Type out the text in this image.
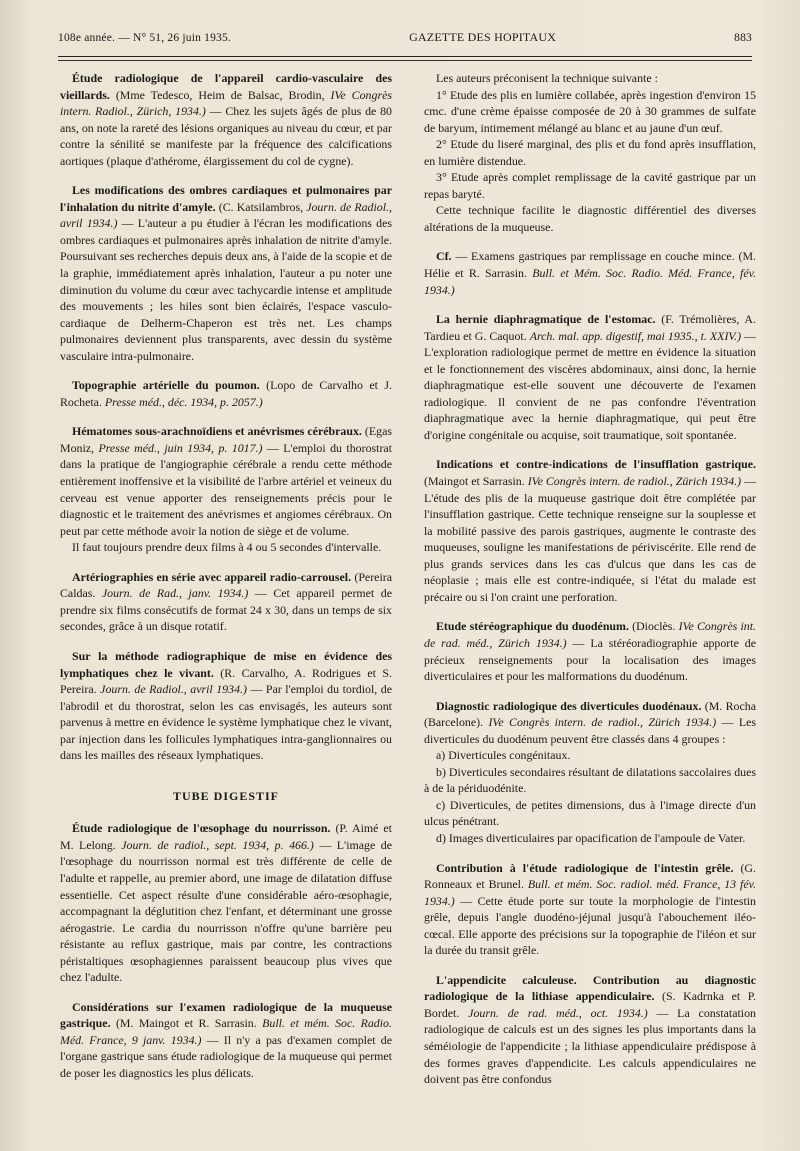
108e année. — N° 51, 26 juin 1935.	GAZETTE DES HOPITAUX	883

Étude radiologique de l'appareil cardio-vasculaire des vieillards. (Mme Tedesco, Heim de Balsac, Brodin, IVe Congrès intern. Radiol., Zürich, 1934.) — Chez les sujets âgés de plus de 80 ans, on note la rareté des lésions organiques au niveau du cœur, et par contre la sénilité se manifeste par la fréquence des calcifications aortiques (plaque d'athérome, élargissement du col de cygne).

Les modifications des ombres cardiaques et pulmonaires par l'inhalation du nitrite d'amyle. (C. Katsilambros, Journ. de Radiol., avril 1934.) — L'auteur a pu étudier à l'écran les modifications des ombres cardiaques et pulmonaires après inhalation de nitrite d'amyle. Poursuivant ses recherches depuis deux ans, à l'aide de la scopie et de la graphie, immédiatement après inhalation, l'auteur a pu noter une diminution du volume du cœur avec tachycardie intense et amplitude des mouvements ; les hiles sont bien éclairés, l'espace vasculo-cardiaque de Delherm-Chaperon est très net. Les champs pulmonaires deviennent plus transparents, avec dessin du système vasculaire intra-pulmonaire.

Topographie artérielle du poumon. (Lopo de Carvalho et J. Rocheta. Presse méd., déc. 1934, p. 2057.)

Hématomes sous-arachnoïdiens et anévrismes cérébraux. (Egas Moniz, Presse méd., juin 1934, p. 1017.) — L'emploi du thorostrat dans la pratique de l'angiographie cérébrale a rendu cette méthode entièrement inoffensive et la visibilité de l'arbre artériel et veineux du cerveau est venue apporter des renseignements précis pour le diagnostic et le traitement des anévrismes et angiomes cérébraux. On peut par cette méthode avoir la notion de siège et de volume.

Il faut toujours prendre deux films à 4 ou 5 secondes d'intervalle.

Artériographies en série avec appareil radio-carrousel. (Pereira Caldas. Journ. de Rad., janv. 1934.) — Cet appareil permet de prendre six films consécutifs de format 24 x 30, dans un temps de six secondes, grâce à un disque rotatif.

Sur la méthode radiographique de mise en évidence des lymphatiques chez le vivant. (R. Carvalho, A. Rodrigues et S. Pereira. Journ. de Radiol., avril 1934.) — Par l'emploi du tordiol, de l'abrodil et du thorostrat, selon les cas envisagés, les auteurs sont parvenus à mettre en évidence le système lymphatique chez le vivant, par injection dans les follicules lymphatiques intra-ganglionnaires ou dans les mailles des réseaux lymphatiques.

TUBE DIGESTIF

Étude radiologique de l'œsophage du nourrisson. (P. Aimé et M. Lelong. Journ. de radiol., sept. 1934, p. 466.) — L'image de l'œsophage du nourrisson normal est très différente de celle de l'adulte et rappelle, au premier abord, une image de dilatation diffuse essentielle. Cet aspect résulte d'une considérable aéro-œsophagie, accompagnant la déglutition chez l'enfant, et déterminant une grosse aérogastrie. Le cardia du nourrisson n'offre qu'une barrière peu résistante au reflux gastrique, mais par contre, les contractions péristaltiques œsophagiennes paraissent beaucoup plus vives que chez l'adulte.

Considérations sur l'examen radiologique de la muqueuse gastrique. (M. Maingot et R. Sarrasin. Bull. et mém. Soc. Radio. Méd. France, 9 janv. 1934.) — Il n'y a pas d'examen complet de l'organe gastrique sans étude radiologique de la muqueuse qui permet de poser les diagnostics les plus délicats.

Les auteurs préconisent la technique suivante :

1° Etude des plis en lumière collabée, après ingestion d'environ 15 cmc. d'une crème épaisse composée de 20 à 30 grammes de sulfate de baryum, intimement mélangé au blanc et au jaune d'un œuf.

2° Etude du liseré marginal, des plis et du fond après insufflation, en lumière distendue.

3° Etude après complet remplissage de la cavité gastrique par un repas baryté.

Cette technique facilite le diagnostic différentiel des diverses altérations de la muqueuse.

Cf. — Examens gastriques par remplissage en couche mince. (M. Hélie et R. Sarrasin. Bull. et Mém. Soc. Radio. Méd. France, fév. 1934.)

La hernie diaphragmatique de l'estomac. (F. Trémolières, A. Tardieu et G. Caquot. Arch. mal. app. digestif, mai 1935., t. XXIV.) — L'exploration radiologique permet de mettre en évidence la situation et le fonctionnement des viscères abdominaux, ainsi donc, la hernie diaphragmatique est-elle souvent une découverte de l'examen radiologique. Il convient de ne pas confondre l'éventration diaphragmatique avec la hernie diaphragmatique, qui peut être d'origine congénitale ou acquise, soit traumatique, soit spontanée.

Indications et contre-indications de l'insufflation gastrique. (Maingot et Sarrasin. IVe Congrès intern. de radiol., Zürich 1934.) — L'étude des plis de la muqueuse gastrique doit être complétée par l'insufflation gastrique. Cette technique renseigne sur la souplesse et la mobilité passive des parois gastriques, augmente le contraste des muqueuses, souligne les manifestations de périviscérite. Elle rend de plus grands services dans les cas d'ulcus que dans les cas de néoplasie ; mais elle est contre-indiquée, si l'état du malade est précaire ou si l'on craint une perforation.

Etude stéréographique du duodénum. (Dioclès. IVe Congrès int. de rad. méd., Zürich 1934.) — La stéréoradiographie apporte de précieux renseignements pour la localisation des images diverticulaires et pour les malformations du duodénum.

Diagnostic radiologique des diverticules duodénaux. (M. Rocha (Barcelone). IVe Congrès intern. de radiol., Zürich 1934.) — Les diverticules du duodénum peuvent être classés dans 4 groupes :

a) Diverticules congénitaux.
b) Diverticules secondaires résultant de dilatations saccolaires dues à de la périduodénite.
c) Diverticules, de petites dimensions, dus à l'image directe d'un ulcus pénétrant.
d) Images diverticulaires par opacification de l'ampoule de Vater.

Contribution à l'étude radiologique de l'intestin grêle. (G. Ronneaux et Brunel. Bull. et mém. Soc. radiol. méd. France, 13 fév. 1934.) — Cette étude porte sur toute la morphologie de l'intestin grêle, depuis l'angle duodéno-jéjunal jusqu'à l'abouchement iléo-cœcal. Elle apporte des précisions sur la topographie de l'iléon et sur la durée du transit grêle.

L'appendicite calculeuse. Contribution au diagnostic radiologique de la lithiase appendiculaire. (S. Kadrnka et P. Bordet. Journ. de rad. méd., oct. 1934.) — La constatation radiologique de calculs est un des signes les plus importants dans la séméiologie de l'appendicite ; la lithiase appendiculaire prédispose à des formes graves d'appendicite. Les calculs appendiculaires ne doivent pas être confondus
